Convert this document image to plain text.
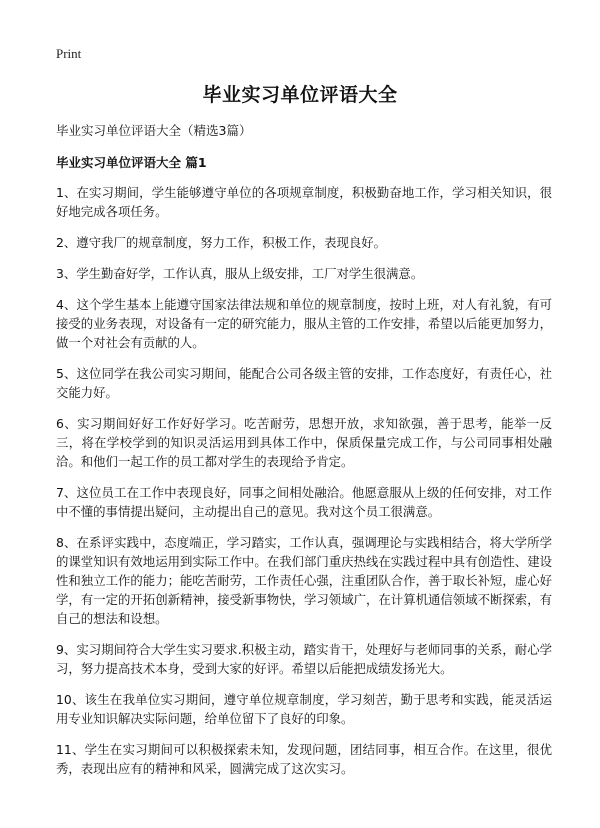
Print
毕业实习单位评语大全

毕业实习单位评语大全（精选3篇）

毕业实习单位评语大全 篇1

1、在实习期间，学生能够遵守单位的各项规章制度，积极勤奋地工作，学习相关知识，很好地完成各项任务。

2、遵守我厂的规章制度，努力工作，积极工作，表现良好。

3、学生勤奋好学，工作认真，服从上级安排，工厂对学生很满意。

4、这个学生基本上能遵守国家法律法规和单位的规章制度，按时上班，对人有礼貌，有可接受的业务表现，对设备有一定的研究能力，服从主管的工作安排，希望以后能更加努力，做一个对社会有贡献的人。

5、这位同学在我公司实习期间，能配合公司各级主管的安排，工作态度好，有责任心，社交能力好。

6、实习期间好好工作好好学习。吃苦耐劳，思想开放，求知欲强，善于思考，能举一反三，将在学校学到的知识灵活运用到具体工作中，保质保量完成工作，与公司同事相处融洽。和他们一起工作的员工都对学生的表现给予肯定。

7、这位员工在工作中表现良好，同事之间相处融洽。他愿意服从上级的任何安排，对工作中不懂的事情提出疑问，主动提出自己的意见。我对这个员工很满意。

8、在系评实践中，态度端正，学习踏实，工作认真，强调理论与实践相结合，将大学所学的课堂知识有效地运用到实际工作中。在我们部门重庆热线在实践过程中具有创造性、建设性和独立工作的能力；能吃苦耐劳，工作责任心强，注重团队合作，善于取长补短，虚心好学，有一定的开拓创新精神，接受新事物快，学习领域广，在计算机通信领域不断探索，有自己的想法和设想。

9、实习期间符合大学生实习要求.积极主动，踏实肯干，处理好与老师同事的关系，耐心学习，努力提高技术本身，受到大家的好评。希望以后能把成绩发扬光大。

10、该生在我单位实习期间，遵守单位规章制度，学习刻苦，勤于思考和实践，能灵活运用专业知识解决实际问题，给单位留下了良好的印象。

11、学生在实习期间可以积极探索未知，发现问题，团结同事，相互合作。在这里，很优秀，表现出应有的精神和风采，圆满完成了这次实习。
